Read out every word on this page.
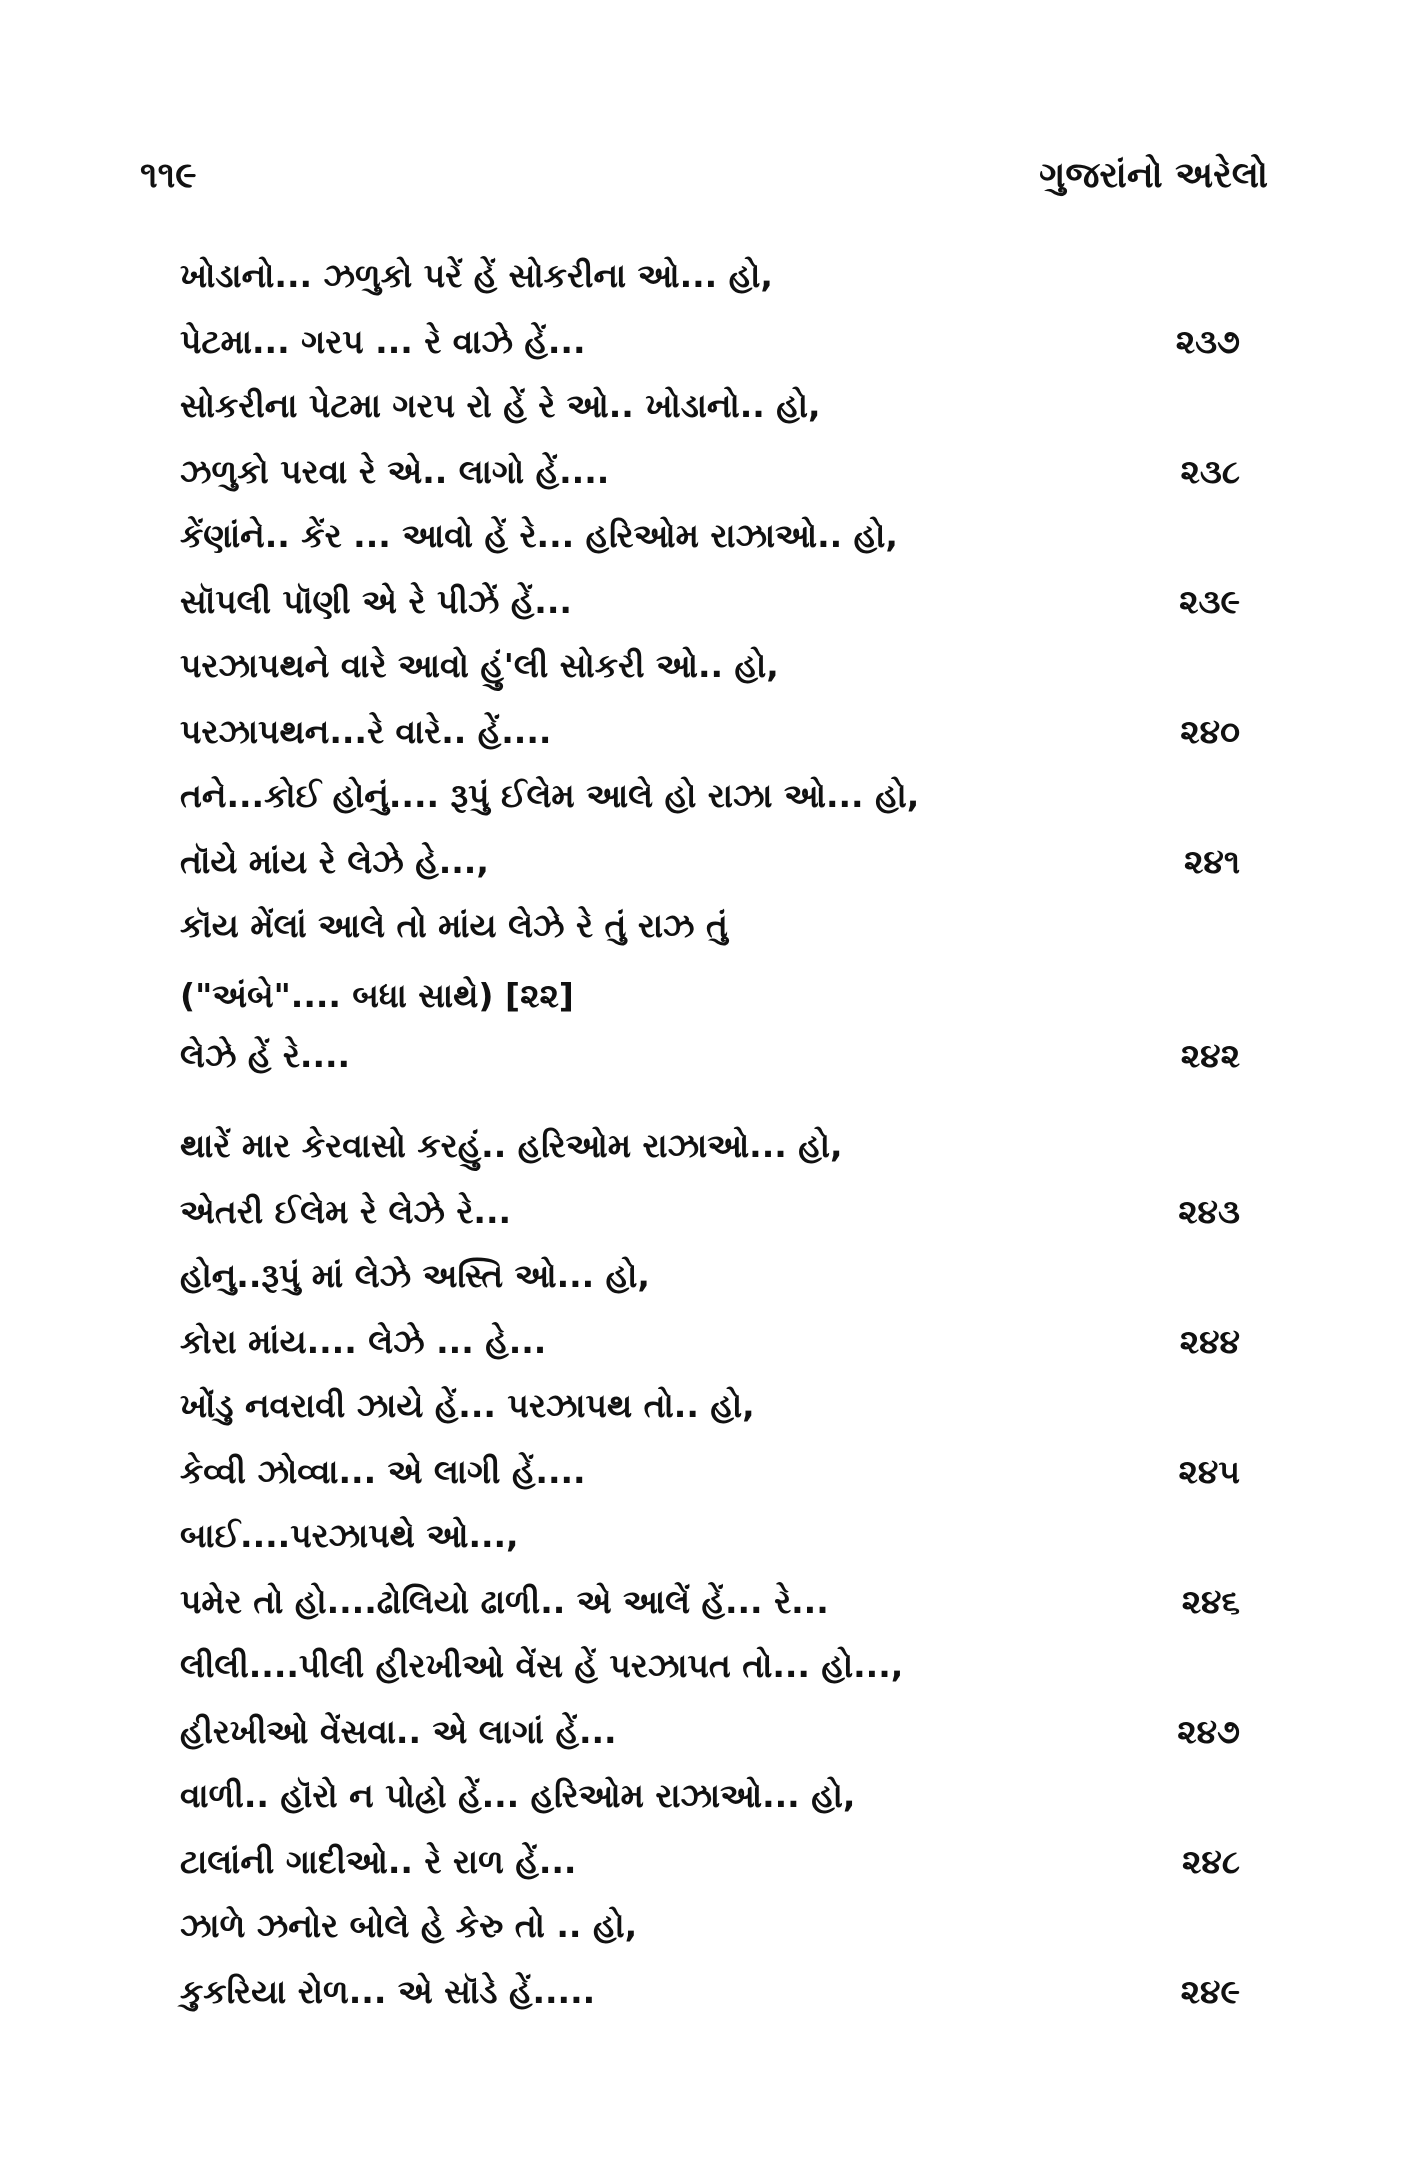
૧૧૯	ગુજરાંનો અરેલો
ખોડાનો... ઝળુકો પરેં હેં સોકરીના ઓ... હો,
પેટમા... ગરપ ... રે વાઝે હેં...	૨૩૭
સોકરીના પેટમા ગરપ રો હેં રે ઓ.. ખોડાનો.. હો,
ઝળુકો પરવા રે એ.. લાગો હેં....	૨૩૮
કેંણાંને.. કેંર ... આવો હેં રે... હરિઓમ રાઝાઓ.. હો,
સૉપલી પૉણી એ રે પીઝેં હેં...	૨૩૯
પરઝાપથને વારે આવો હું'લી સોકરી ઓ.. હો,
પરઝાપથન...રે વારે.. હેં....	૨૪૦
તને...કોઈ હોનું.... રૂપું ઈલેમ આલે હો રાઝા ઓ... હો,
તૉયે માંય રે લેઝે હે...,	૨૪૧
કૉય મેંલાં આલે તો માંય લેઝે રે તું રાઝ તું
("અંબે".... બધા સાથે) [૨૨]
લેઝે હેં રે....	૨૪૨
થારેં માર કેરવાસો કરહું.. હરિઓમ રાઝાઓ... હો,
એતરી ઈલેમ રે લેઝે રે...	૨૪૩
હોનુ..રૂપું માં લેઝે અસ્તિ ઓ... હો,
કોરા માંય.... લેઝે ... હે...	૨૪૪
ખોંડુ નવરાવી ઝાયે હેં... પરઝાપથ તો.. હો,
કેવ્વી ઝોવ્વા... એ લાગી હેં....	૨૪૫
બાઈ....પરઝાપથે ઓ...,
પમેર તો હો....ઢોલિયો ઢાળી.. એ આલેં હેં... રે...	૨૪૬
લીલી....પીલી હીરખીઓ વેંસ હેં પરઝાપત તો... હો...,
હીરખીઓ વેંસવા.. એ લાગાં હેં...	૨૪૭
વાળી.. હૉરો ન પોહ્રો હેં... હરિઓમ રાઝાઓ... હો,
ટાલાંની ગાદીઓ.. રે રાળ હેં...	૨૪૮
ઝાળે ઝનોર બોલે હે કેરુ તો .. હો,
કુકરિયા રોળ... એ સૉડે હેં.....	૨૪૯
